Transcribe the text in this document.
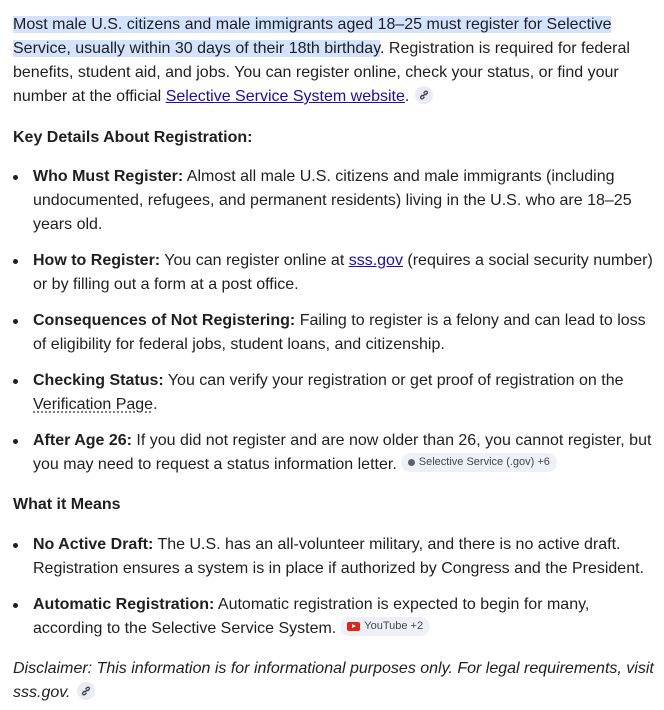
Most male U.S. citizens and male immigrants aged 18–25 must register for Selective Service, usually within 30 days of their 18th birthday. Registration is required for federal benefits, student aid, and jobs. You can register online, check your status, or find your number at the official Selective Service System website.
Key Details About Registration:
Who Must Register: Almost all male U.S. citizens and male immigrants (including undocumented, refugees, and permanent residents) living in the U.S. who are 18–25 years old.
How to Register: You can register online at sss.gov (requires a social security number) or by filling out a form at a post office.
Consequences of Not Registering: Failing to register is a felony and can lead to loss of eligibility for federal jobs, student loans, and citizenship.
Checking Status: You can verify your registration or get proof of registration on the Verification Page.
After Age 26: If you did not register and are now older than 26, you cannot register, but you may need to request a status information letter. Selective Service (.gov) +6
What it Means
No Active Draft: The U.S. has an all-volunteer military, and there is no active draft. Registration ensures a system is in place if authorized by Congress and the President.
Automatic Registration: Automatic registration is expected to begin for many, according to the Selective Service System.	YouTube +2
Disclaimer: This information is for informational purposes only. For legal requirements, visit sss.gov.
